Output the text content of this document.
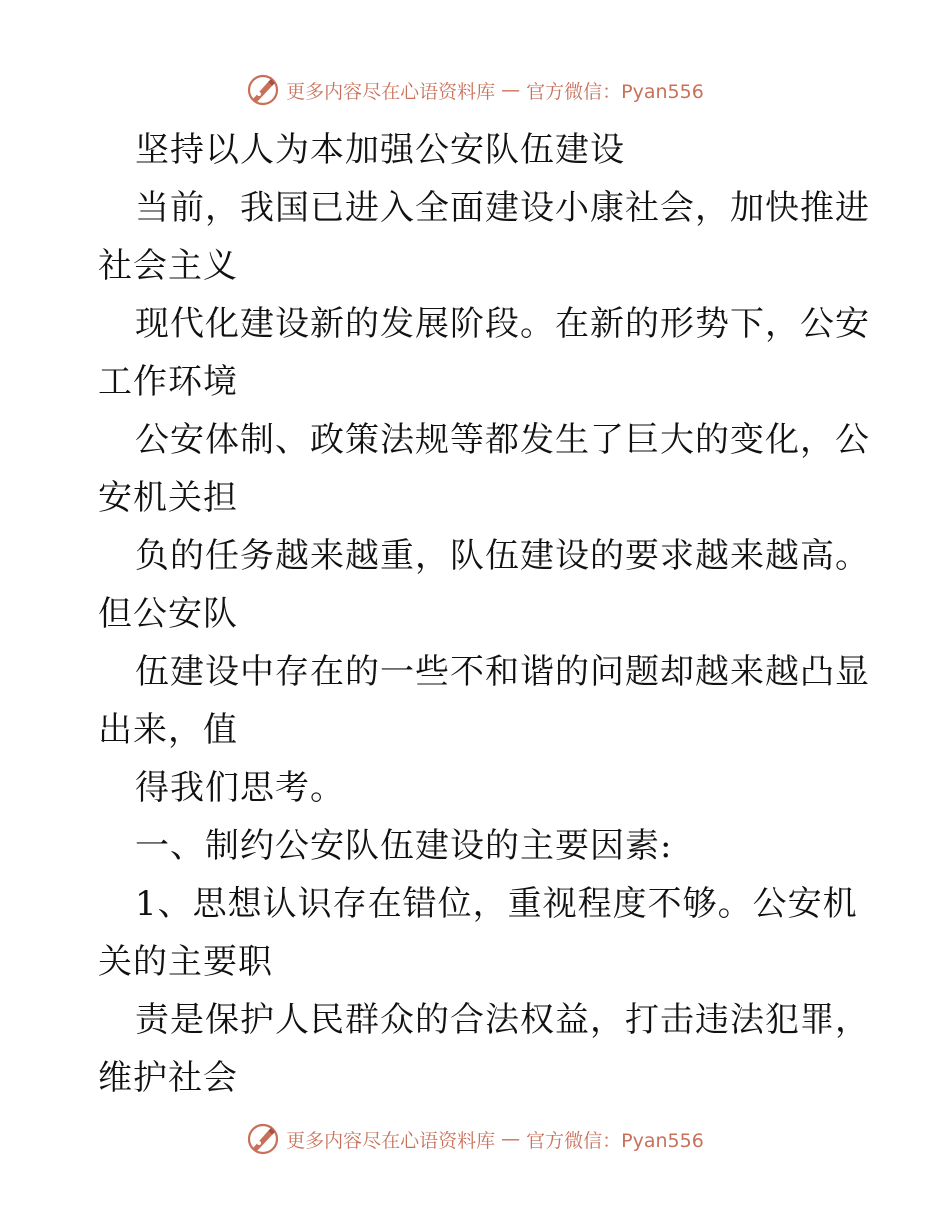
更多内容尽在心语资料库 — 官方微信：Pyan556
坚持以人为本加强公安队伍建设
当前，我国已进入全面建设小康社会，加快推进
社会主义
现代化建设新的发展阶段。在新的形势下，公安
工作环境
公安体制、政策法规等都发生了巨大的变化，公
安机关担
负的任务越来越重，队伍建设的要求越来越高。
但公安队
伍建设中存在的一些不和谐的问题却越来越凸显
出来，值
得我们思考。
一、制约公安队伍建设的主要因素:
1、思想认识存在错位，重视程度不够。公安机
关的主要职
责是保护人民群众的合法权益，打击违法犯罪，
维护社会
更多内容尽在心语资料库 — 官方微信：Pyan556
